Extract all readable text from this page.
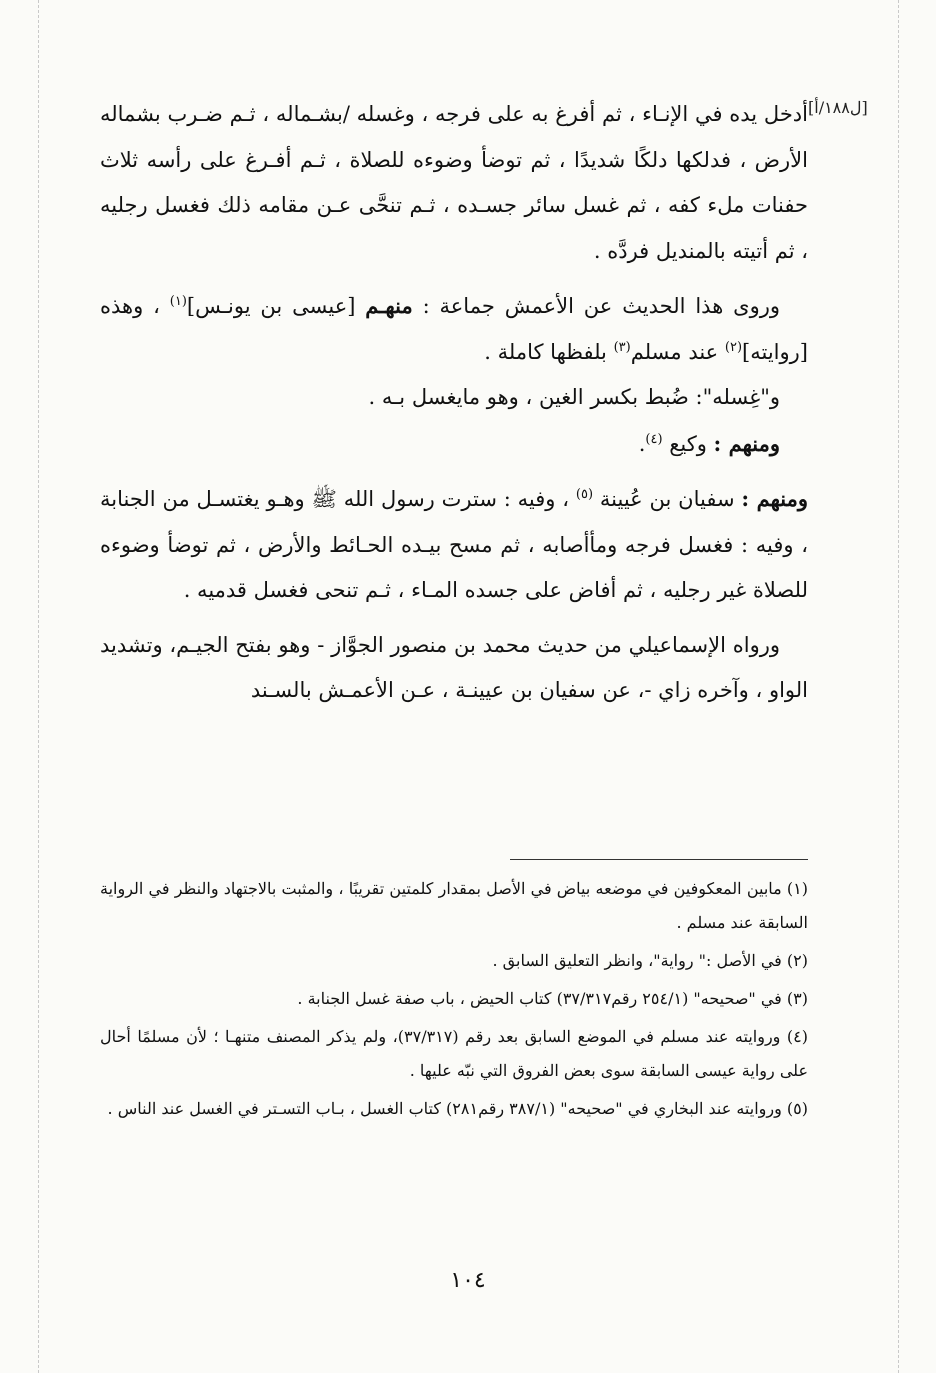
[ل١٨٨/أ]

أدخل يده في الإنـاء ، ثم أفرغ به على فرجه ، وغسله /بشـماله ، ثـم ضـرب بشماله الأرض ، فدلكها دلكًا شديدًا ، ثم توضأ وضوءه للصلاة ، ثـم أفـرغ على رأسه ثلاث حفنات ملء كفه ، ثم غسل سائر جسـده ، ثـم تنحَّى عـن مقامه ذلك فغسل رجليه ، ثم أتيته بالمنديل فردَّه .

وروى هذا الحديث عن الأعمش جماعة : منهـم [عيسى بن يونـس]$^{(١)}$ ، وهذه [روايته]$^{(٢)}$ عند مسلم$^{(٣)}$ بلفظها كاملة .

و"غِسله": ضُبط بكسر الغين ، وهو مايغسل بـه .

ومنهم : وكيع $^{(٤)}$.

ومنهم : سفيان بن عُيينة $^{(٥)}$ ، وفيه : سترت رسول الله ﷺ وهـو يغتسـل من الجنابة ، وفيه : فغسل فرجه ومأأصابه ، ثم مسح بيـده الحـائط والأرض ، ثم توضأ وضوءه للصلاة غير رجليه ، ثم أفاض على جسده المـاء ، ثـم تنحى فغسل قدميه .

ورواه الإسماعيلي من حديث محمد بن منصور الجوَّاز - وهو بفتح الجيـم، وتشديد الواو ، وآخره زاي -، عن سفيان بن عيينـة ، عـن الأعمـش بالسـند

(١) مابين المعكوفين في موضعه بياض في الأصل بمقدار كلمتين تقريبًا ، والمثبت بالاجتهاد والنظر في الرواية السابقة عند مسلم .

(٢) في الأصل :" رواية"، وانظر التعليق السابق .

(٣) في "صحيحه" (٢٥٤/١ رقم٣٧/٣١٧) كتاب الحيض ، باب صفة غسل الجنابة .

(٤) وروايته عند مسلم في الموضع السابق بعد رقم (٣٧/٣١٧)، ولم يذكر المصنف متنهـا ؛ لأن مسلمًا أحال على رواية عيسى السابقة سوى بعض الفروق التي نبّه عليها .

(٥) وروايته عند البخاري في "صحيحه" (٣٨٧/١ رقم٢٨١) كتاب الغسل ، بـاب التسـتر في الغسل عند الناس .

١٠٤
